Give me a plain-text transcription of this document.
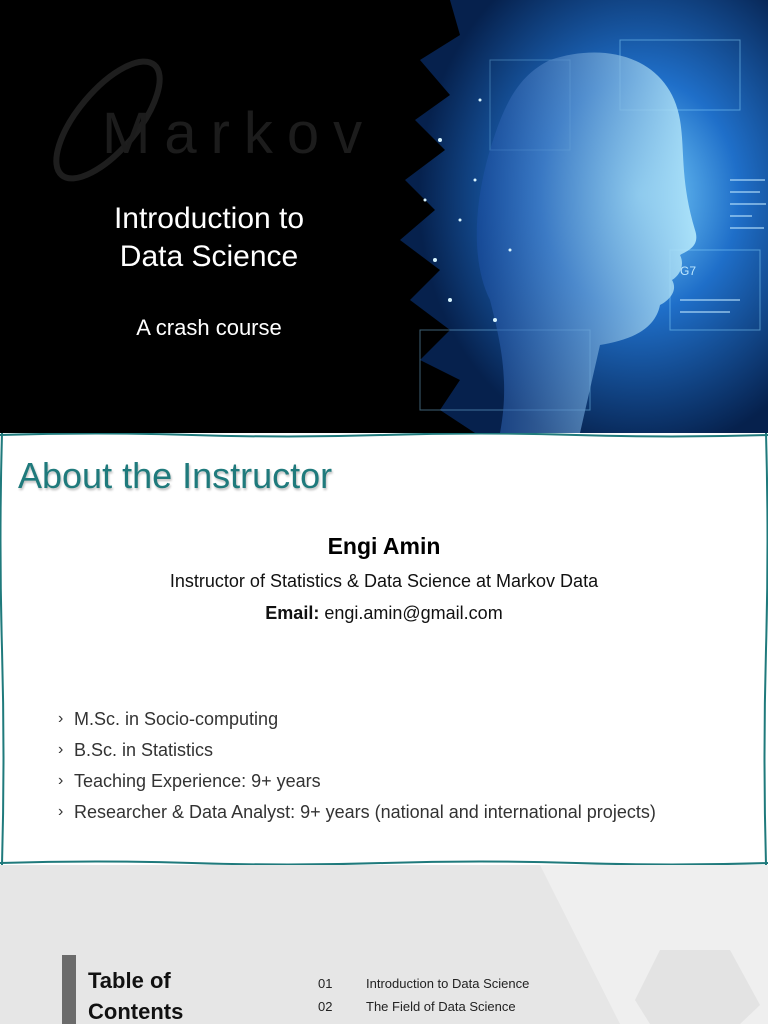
Markov
Introduction to
Data Science
A crash course
G7
About the Instructor
Engi Amin
Instructor of Statistics & Data Science at Markov Data
Email: engi.amin@gmail.com
› M.Sc. in Socio-computing
› B.Sc. in Statistics
› Teaching Experience: 9+ years
› Researcher & Data Analyst: 9+ years (national and international projects)
Table of
Contents
01	Introduction to Data Science
02	The Field of Data Science
